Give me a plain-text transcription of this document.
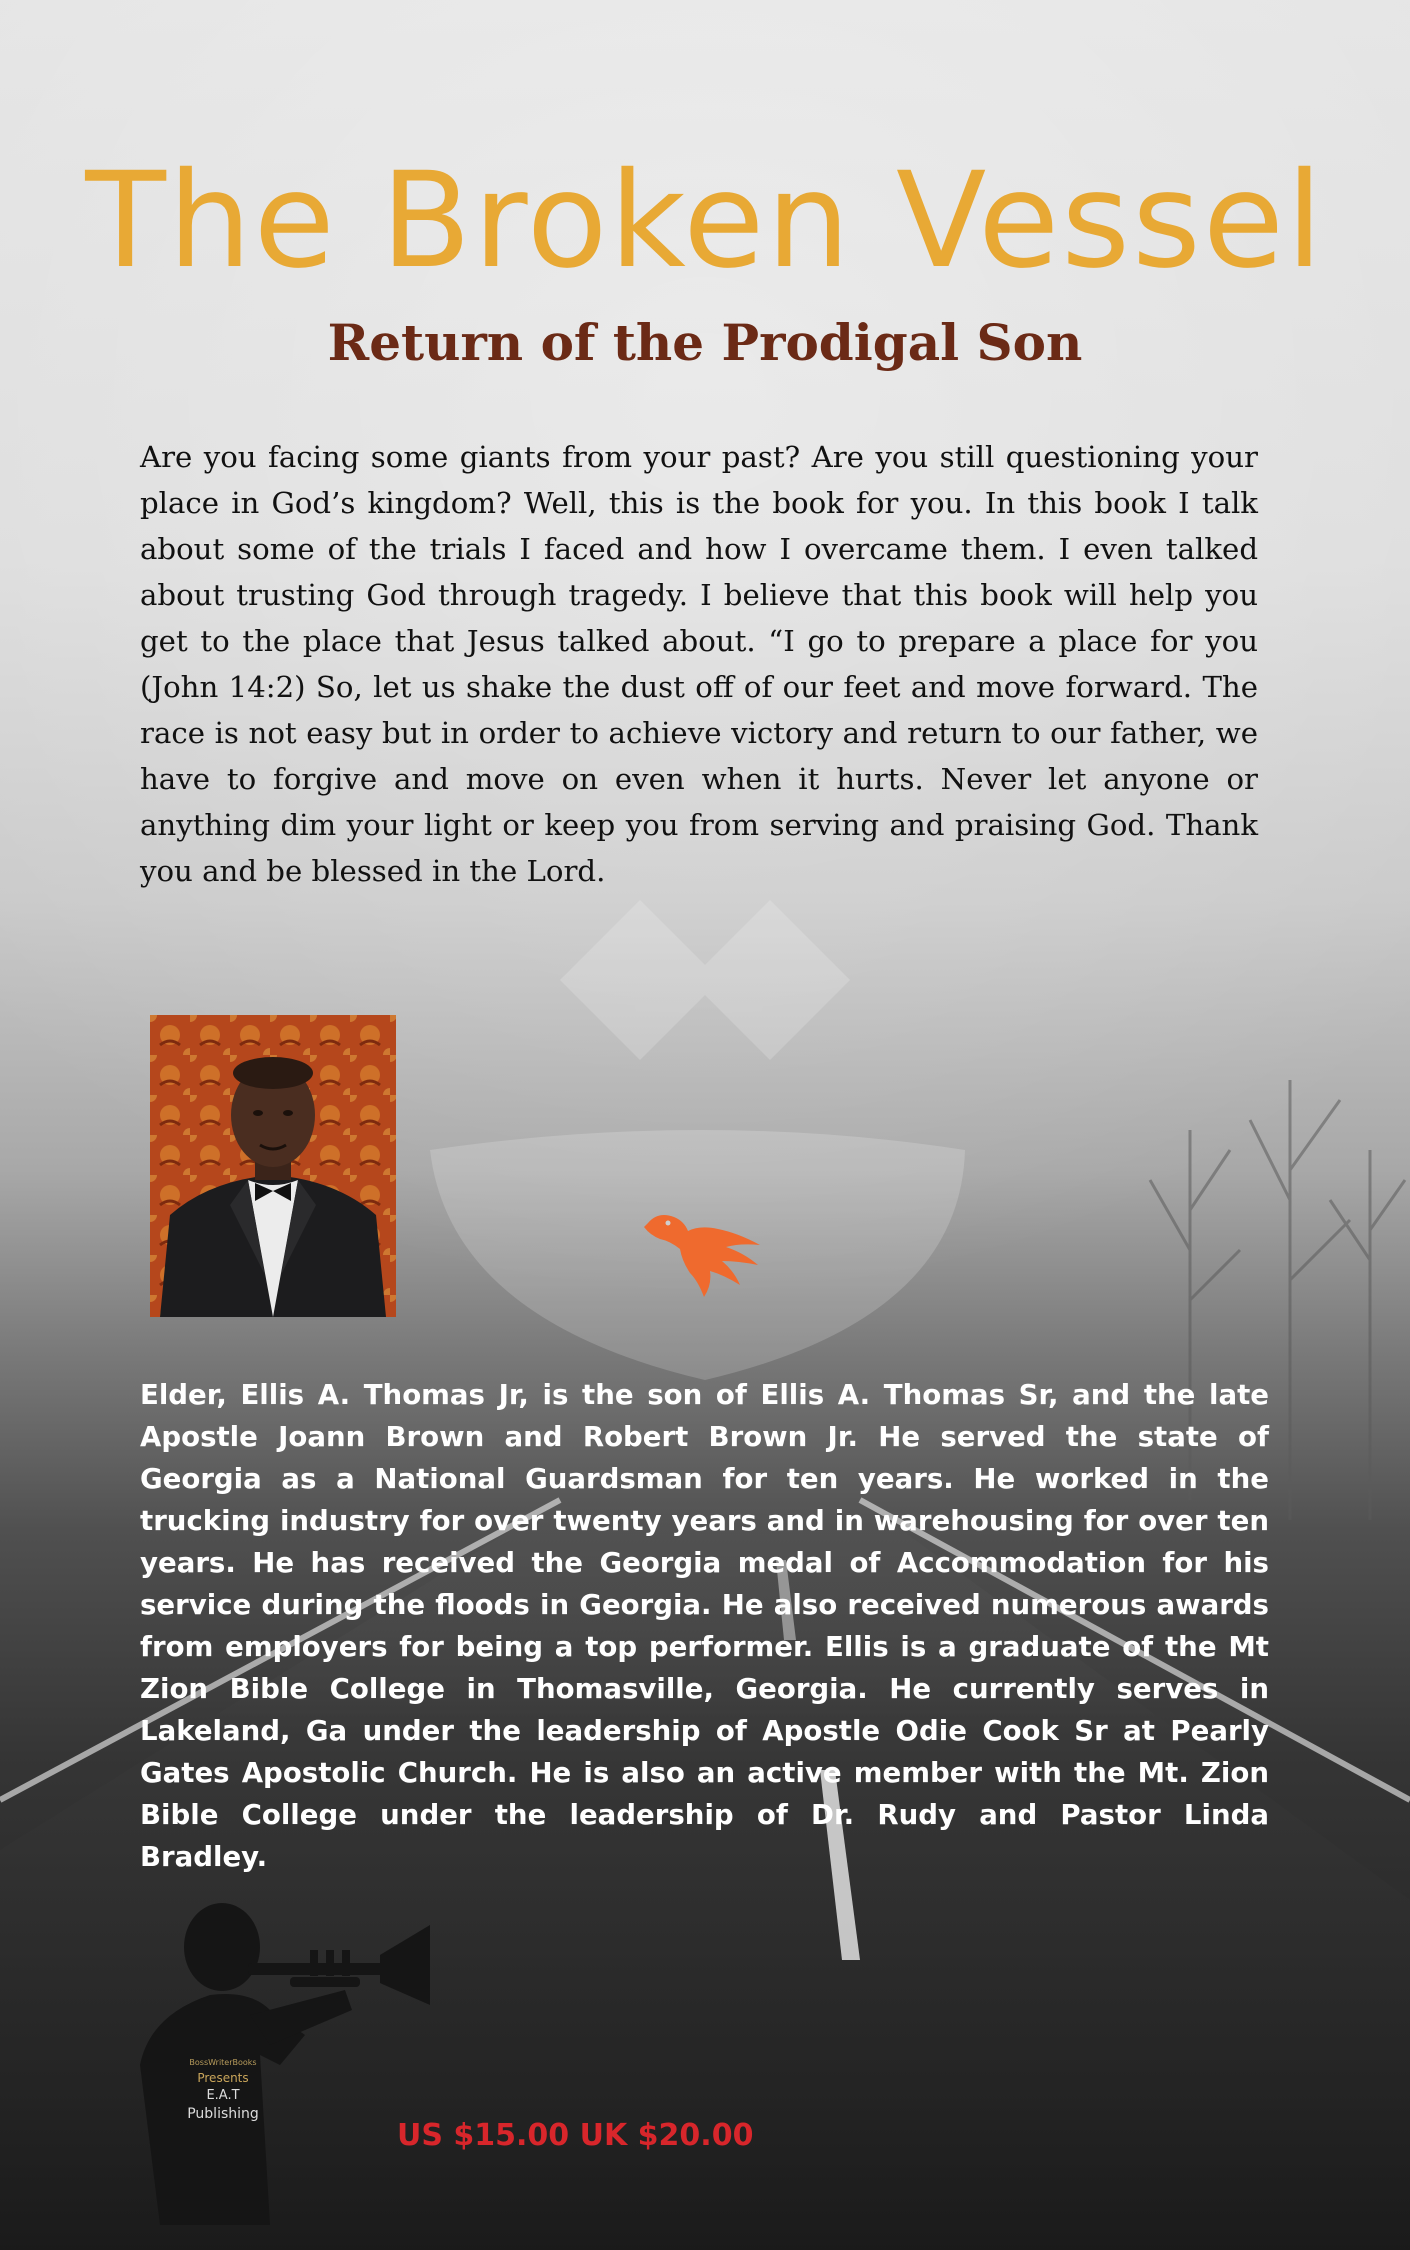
The Broken Vessel
Return of the Prodigal Son

Are you facing some giants from your past? Are you still questioning your place in God’s kingdom? Well, this is the book for you. In this book I talk about some of the trials I faced and how I overcame them. I even talked about trusting God through tragedy. I believe that this book will help you get to the place that Jesus talked about. “I go to prepare a place for you (John 14:2) So, let us shake the dust off of our feet and move forward. The race is not easy but in order to achieve victory and return to our father, we have to forgive and move on even when it hurts. Never let anyone or anything dim your light or keep you from serving and praising God. Thank you and be blessed in the Lord.

Elder, Ellis A. Thomas Jr, is the son of Ellis A. Thomas Sr, and the late Apostle Joann Brown and Robert Brown Jr. He served the state of Georgia as a National Guardsman for ten years. He worked in the trucking industry for over twenty years and in warehousing for over ten years. He has received the Georgia medal of Accommodation for his service during the floods in Georgia. He also received numerous awards from employers for being a top performer. Ellis is a graduate of the Mt Zion Bible College in Thomasville, Georgia. He currently serves in Lakeland, Ga under the leadership of Apostle Odie Cook Sr at Pearly Gates Apostolic Church. He is also an active member with the Mt. Zion Bible College under the leadership of Dr. Rudy and Pastor Linda Bradley.

BossWriterBooks
Presents
E.A.T
Publishing

US $15.00 UK $20.00
